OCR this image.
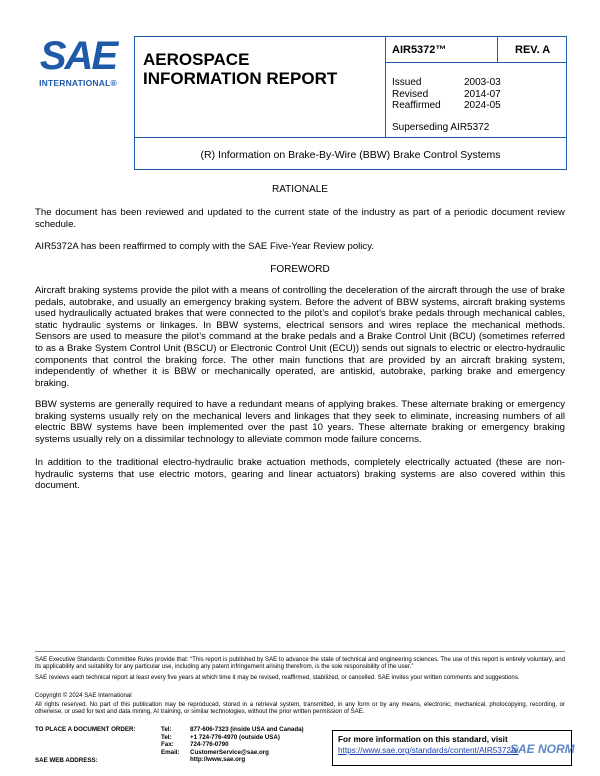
SAE
INTERNATIONAL®
AEROSPACE
INFORMATION REPORT
AIR5372™	REV. A
Issued	2003-03
Revised	2014-07
Reaffirmed	2024-05
Superseding AIR5372
(R) Information on Brake-By-Wire (BBW) Brake Control Systems
RATIONALE
The document has been reviewed and updated to the current state of the industry as part of a periodic document review schedule.
AIR5372A has been reaffirmed to comply with the SAE Five-Year Review policy.
FOREWORD
Aircraft braking systems provide the pilot with a means of controlling the deceleration of the aircraft through the use of brake pedals, autobrake, and usually an emergency braking system. Before the advent of BBW systems, aircraft braking systems used hydraulically actuated brakes that were connected to the pilot’s and copilot’s brake pedals through mechanical cables, static hydraulic systems or linkages. In BBW systems, electrical sensors and wires replace the mechanical methods. Sensors are used to measure the pilot’s command at the brake pedals and a Brake Control Unit (BCU) (sometimes referred to as a Brake System Control Unit (BSCU) or Electronic Control Unit (ECU)) sends out signals to electric or electro-hydraulic components that control the braking force. The other main functions that are provided by an aircraft braking system, independently of whether it is BBW or mechanically operated, are antiskid, autobrake, parking brake and emergency braking.
BBW systems are generally required to have a redundant means of applying brakes. These alternate braking or emergency braking systems usually rely on the mechanical levers and linkages that they seek to eliminate, increasing numbers of all electric BBW systems have been implemented over the past 10 years. These alternate braking or emergency braking systems usually rely on a dissimilar technology to alleviate common mode failure concerns.
In addition to the traditional electro-hydraulic brake actuation methods, completely electrically actuated (these are non-hydraulic systems that use electric motors, gearing and linear actuators) braking systems are also covered within this document.
SAE Executive Standards Committee Rules provide that: “This report is published by SAE to advance the state of technical and engineering sciences. The use of this report is entirely voluntary, and its applicability and suitability for any particular use, including any patent infringement arising therefrom, is the sole responsibility of the user.”
SAE reviews each technical report at least every five years at which time it may be revised, reaffirmed, stabilized, or cancelled. SAE invites your written comments and suggestions.
Copyright © 2024 SAE International
All rights reserved. No part of this publication may be reproduced, stored in a retrieval system, transmitted, in any form or by any means, electronic, mechanical, photocopying, recording, or otherwise, or used for text and data mining, AI training, or similar technologies, without the prior written permission of SAE.
TO PLACE A DOCUMENT ORDER:
SAE WEB ADDRESS:
Tel:	877-606-7323 (inside USA and Canada)
Tel:	+1 724-776-4970 (outside USA)
Fax:	724-776-0790
Email:	CustomerService@sae.org
http://www.sae.org
For more information on this standard, visit
https://www.sae.org/standards/content/AIR5372A/
SAE NORM
